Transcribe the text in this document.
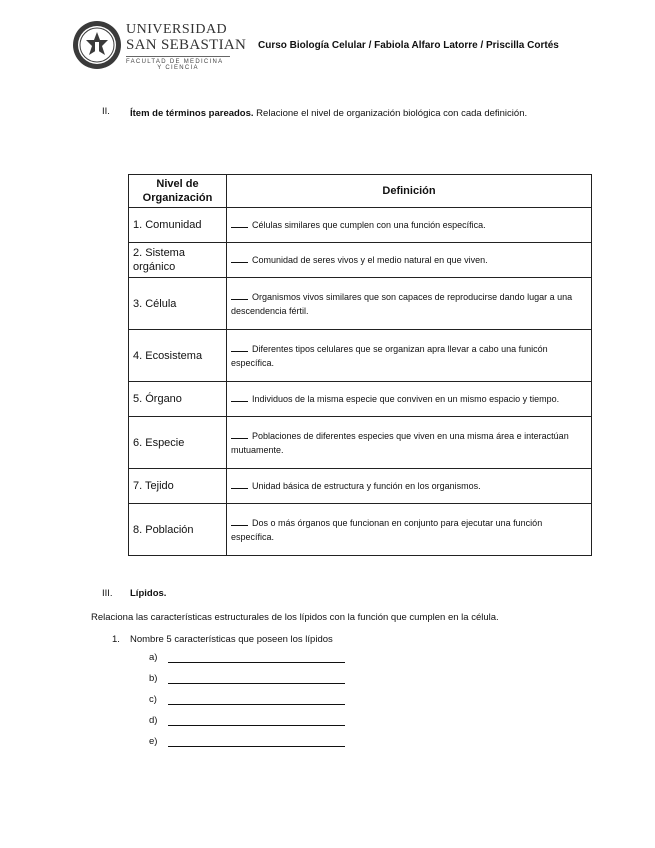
UNIVERSIDAD
SAN SEBASTIAN
FACULTAD DE MEDICINA
Y CIENCIA
Curso Biología Celular / Fabiola Alfaro Latorre / Priscilla Cortés
II. Ítem de términos pareados. Relacione el nivel de organización biológica con cada definición.
Nivel de Organización	Definición
1. Comunidad	Células similares que cumplen con una función específica.
2. Sistema orgánico	Comunidad de seres vivos y el medio natural en que viven.
3. Célula	Organismos vivos similares que son capaces de reproducirse dando lugar a una descendencia fértil.
4. Ecosistema	Diferentes tipos celulares que se organizan apra llevar a cabo una funicón específica.
5. Órgano	Individuos de la misma especie que conviven en un mismo espacio y tiempo.
6. Especie	Poblaciones de diferentes especies que viven en una misma área e interactúan mutuamente.
7. Tejido	Unidad básica de estructura y función en los organismos.
8. Población	Dos o más órganos que funcionan en conjunto para ejecutar una función específica.
III. Lípidos.
Relaciona las características estructurales de los lípidos con la función que cumplen en la célula.
1. Nombre 5 características que poseen los lípidos
a)
b)
c)
d)
e)
